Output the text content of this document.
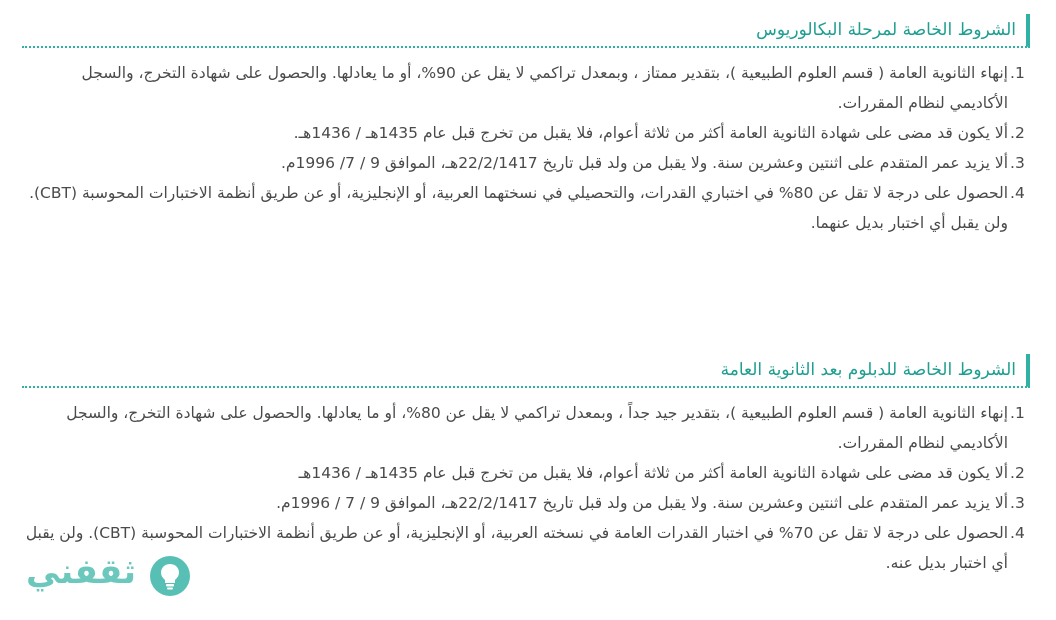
الشروط الخاصة لمرحلة البكالوريوس
1.
إنهاء الثانوية العامة ( قسم العلوم الطبيعية )، بتقدير ممتاز ، وبمعدل تراكمي لا يقل عن 90%، أو ما يعادلها. والحصول على شهادة التخرج، والسجل الأكاديمي لنظام المقررات.
2.
ألا يكون قد مضى على شهادة الثانوية العامة أكثر من ثلاثة أعوام، فلا يقبل من تخرج قبل عام 1435هـ / 1436هـ.
3.
ألا يزيد عمر المتقدم على اثنتين وعشرين سنة. ولا يقبل من ولد قبل تاريخ 22/2/1417هـ، الموافق 9 / 7/ 1996م.
4.
الحصول على درجة لا تقل عن 80% في اختباري القدرات، والتحصيلي في نسختهما العربية، أو الإنجليزية، أو عن طريق أنظمة الاختبارات المحوسبة (CBT). ولن يقبل أي اختبار بديل عنهما.
الشروط الخاصة للدبلوم بعد الثانوية العامة
1.
إنهاء الثانوية العامة ( قسم العلوم الطبيعية )، بتقدير جيد جداً ، وبمعدل تراكمي لا يقل عن 80%، أو ما يعادلها. والحصول على شهادة التخرج، والسجل الأكاديمي لنظام المقررات.
2.
ألا يكون قد مضى على شهادة الثانوية العامة أكثر من ثلاثة أعوام، فلا يقبل من تخرج قبل عام 1435هـ / 1436هـ
3.
ألا يزيد عمر المتقدم على اثنتين وعشرين سنة. ولا يقبل من ولد قبل تاريخ 22/2/1417هـ، الموافق 9 / 7 / 1996م.
4.
الحصول على درجة لا تقل عن 70% في اختبار القدرات العامة في نسخته العربية، أو الإنجليزية، أو عن طريق أنظمة الاختبارات المحوسبة (CBT). ولن يقبل أي اختبار بديل عنه.
ثقفني
